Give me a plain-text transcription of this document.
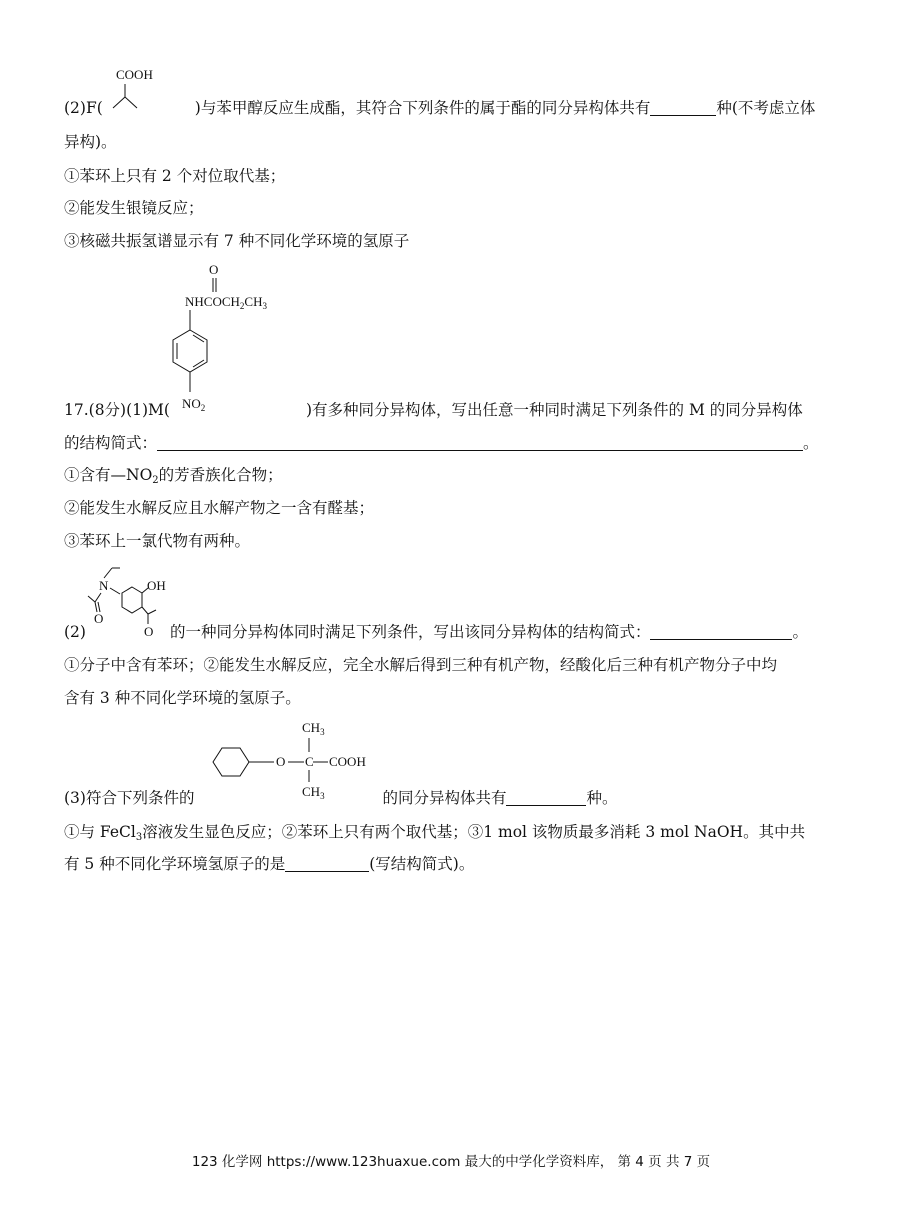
COOH
(2)F(	)与苯甲醇反应生成酯，其符合下列条件的属于酯的同分异构体共有	种(不考虑立体
异构)。
①苯环上只有 2 个对位取代基；
②能发生银镜反应；
③核磁共振氢谱显示有 7 种不同化学环境的氢原子
O
$NHCOCH_2CH_3$
$NO_2$
17.(8分)(1)M(	)有多种同分异构体，写出任意一种同时满足下列条件的 M 的同分异构体
的结构简式：	。
①含有$—NO_2$的芳香族化合物；
②能发生水解反应且水解产物之一含有醛基；
③苯环上一氯代物有两种。
N
O
OH
O
(2)	的一种同分异构体同时满足下列条件，写出该同分异构体的结构简式：	。
①分子中含有苯环；②能发生水解反应，完全水解后得到三种有机产物，经酸化后三种有机产物分子中均
含有 3 种不同化学环境的氢原子。
O C COOH
$CH_3$
$CH_3$
(3)符合下列条件的	的同分异构体共有	种。
①与 FeCl$_3$溶液发生显色反应；②苯环上只有两个取代基；③1 mol 该物质最多消耗 3 mol NaOH。其中共
有 5 种不同化学环境氢原子的是	(写结构简式)。
123 化学网 https://www.123huaxue.com 最大的中学化学资料库， 第 4 页 共 7 页
